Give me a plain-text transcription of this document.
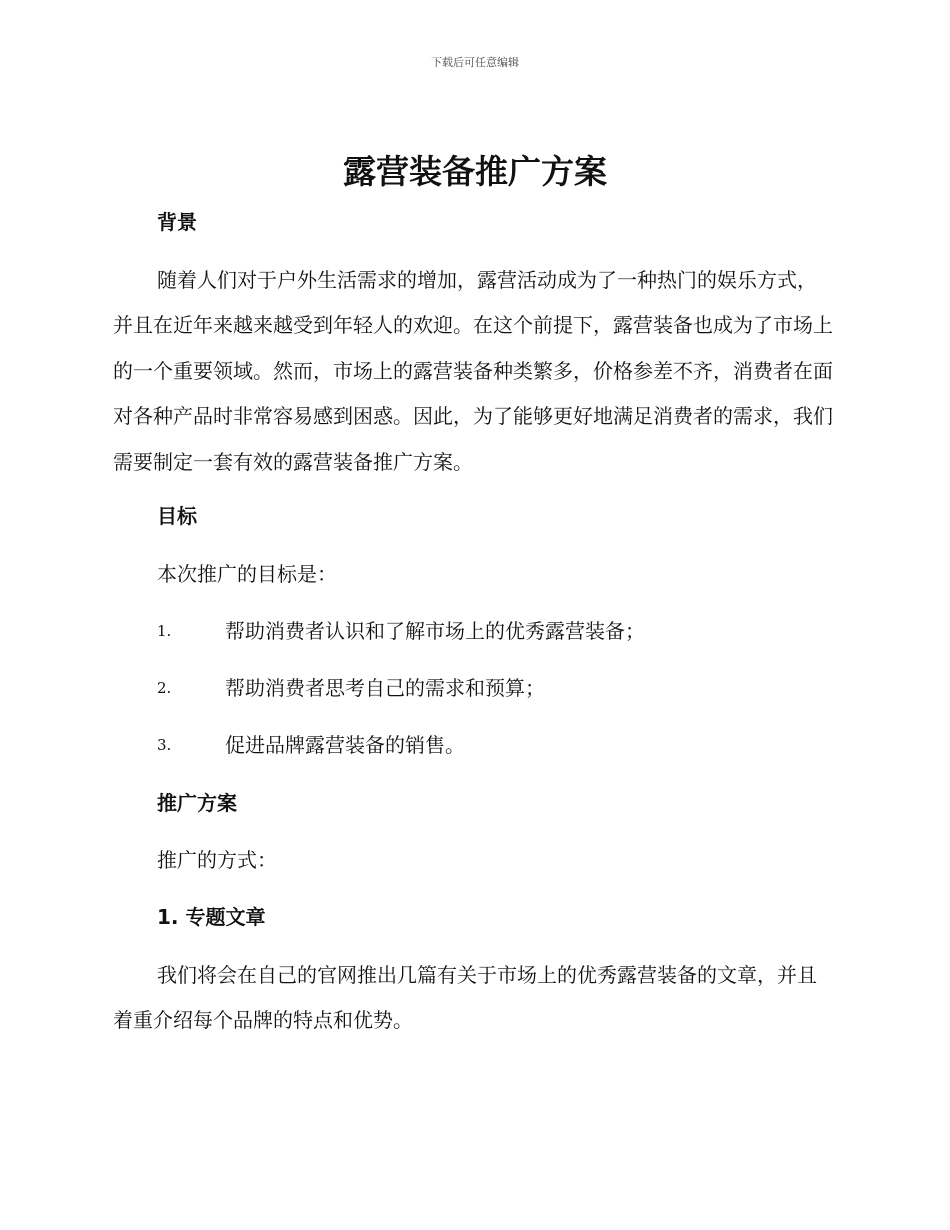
下载后可任意编辑
露营装备推广方案
背景

随着人们对于户外生活需求的增加，露营活动成为了一种热门的娱乐方式，并且在近年来越来越受到年轻人的欢迎。在这个前提下，露营装备也成为了市场上的一个重要领域。然而，市场上的露营装备种类繁多，价格参差不齐，消费者在面对各种产品时非常容易感到困惑。因此，为了能够更好地满足消费者的需求，我们需要制定一套有效的露营装备推广方案。

目标

本次推广的目标是：

1.	帮助消费者认识和了解市场上的优秀露营装备；
2.	帮助消费者思考自己的需求和预算；
3.	促进品牌露营装备的销售。
推广方案

推广的方式：

1. 专题文章

我们将会在自己的官网推出几篇有关于市场上的优秀露营装备的文章，并且着重介绍每个品牌的特点和优势。
